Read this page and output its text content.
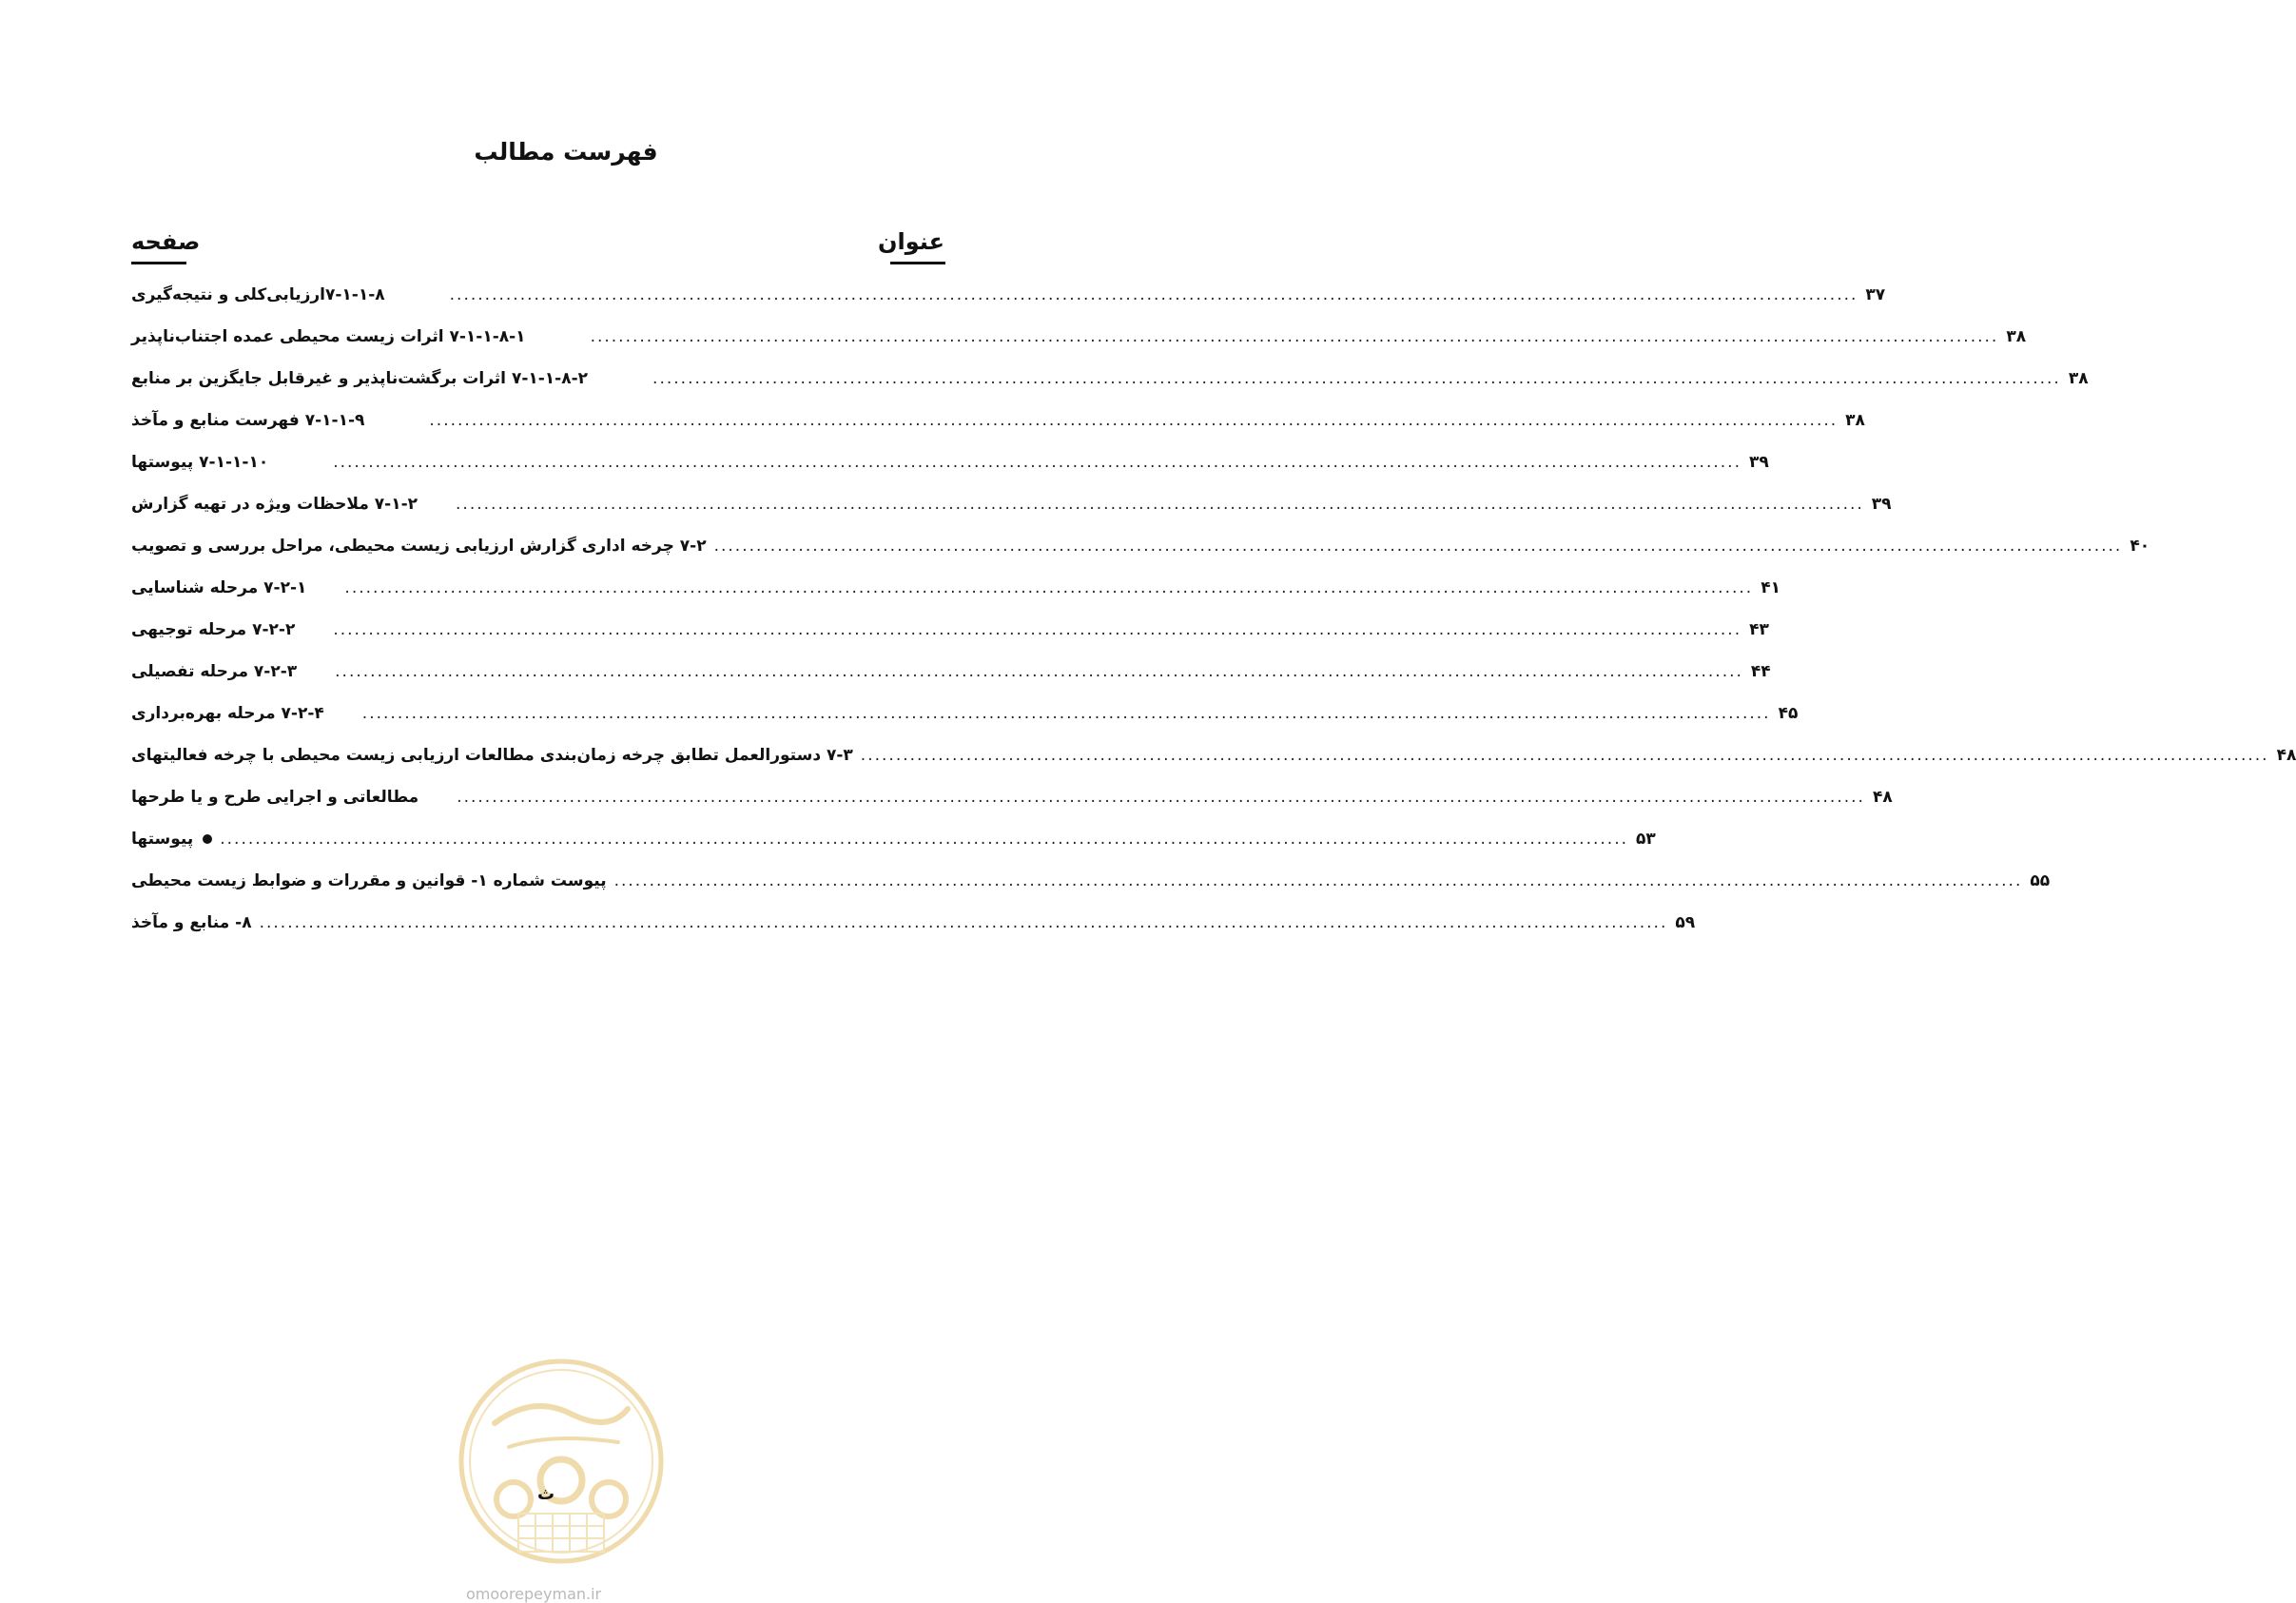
فهرست مطالب
عنوان
صفحه
۷-۱-۱-۸ارزیابی‌کلی و نتیجه‌گیری	........................................................................................................................................................................................................ ۳۷
۷-۱-۱-۸-۱ اثرات زیست محیطی عمده اجتناب‌ناپذیر	........................................................................................................................................................................................................ ۳۸
۷-۱-۱-۸-۲ اثرات برگشت‌ناپذیر و غیرقابل جایگزین بر منابع	........................................................................................................................................................................................................ ۳۸
۷-۱-۱-۹ فهرست منابع و مآخذ	........................................................................................................................................................................................................ ۳۸
۷-۱-۱-۱۰ پیوستها	........................................................................................................................................................................................................ ۳۹
۷-۱-۲ ملاحظات ویژه در تهیه گزارش ........................................................................................................................................................................................................ ۳۹
۷-۲ چرخه اداری گزارش ارزیابی زیست محیطی، مراحل بررسی و تصویب ........................................................................................................................................................................................................ ۴۰
۷-۲-۱ مرحله شناسایی ........................................................................................................................................................................................................ ۴۱
۷-۲-۲ مرحله توجیهی ........................................................................................................................................................................................................ ۴۳
۷-۲-۳ مرحله تفصیلی ........................................................................................................................................................................................................ ۴۴
۷-۲-۴ مرحله بهره‌برداری ........................................................................................................................................................................................................ ۴۵
۷-۳ دستورالعمل تطابق چرخه زمان‌بندی مطالعات ارزیابی زیست محیطی با چرخه فعالیتهای ........................................................................................................................................................................................................ ۴۸
مطالعاتی و اجرایی طرح و یا طرحها ........................................................................................................................................................................................................ ۴۸
پیوستها	........................................................................................................................................................................................................ ۵۳
پیوست شماره ۱- قوانین و مقررات و ضوابط زیست محیطی ........................................................................................................................................................................................................ ۵۵
۸- منابع و مآخذ ........................................................................................................................................................................................................ ۵۹
ث
omoorepeyman.ir
